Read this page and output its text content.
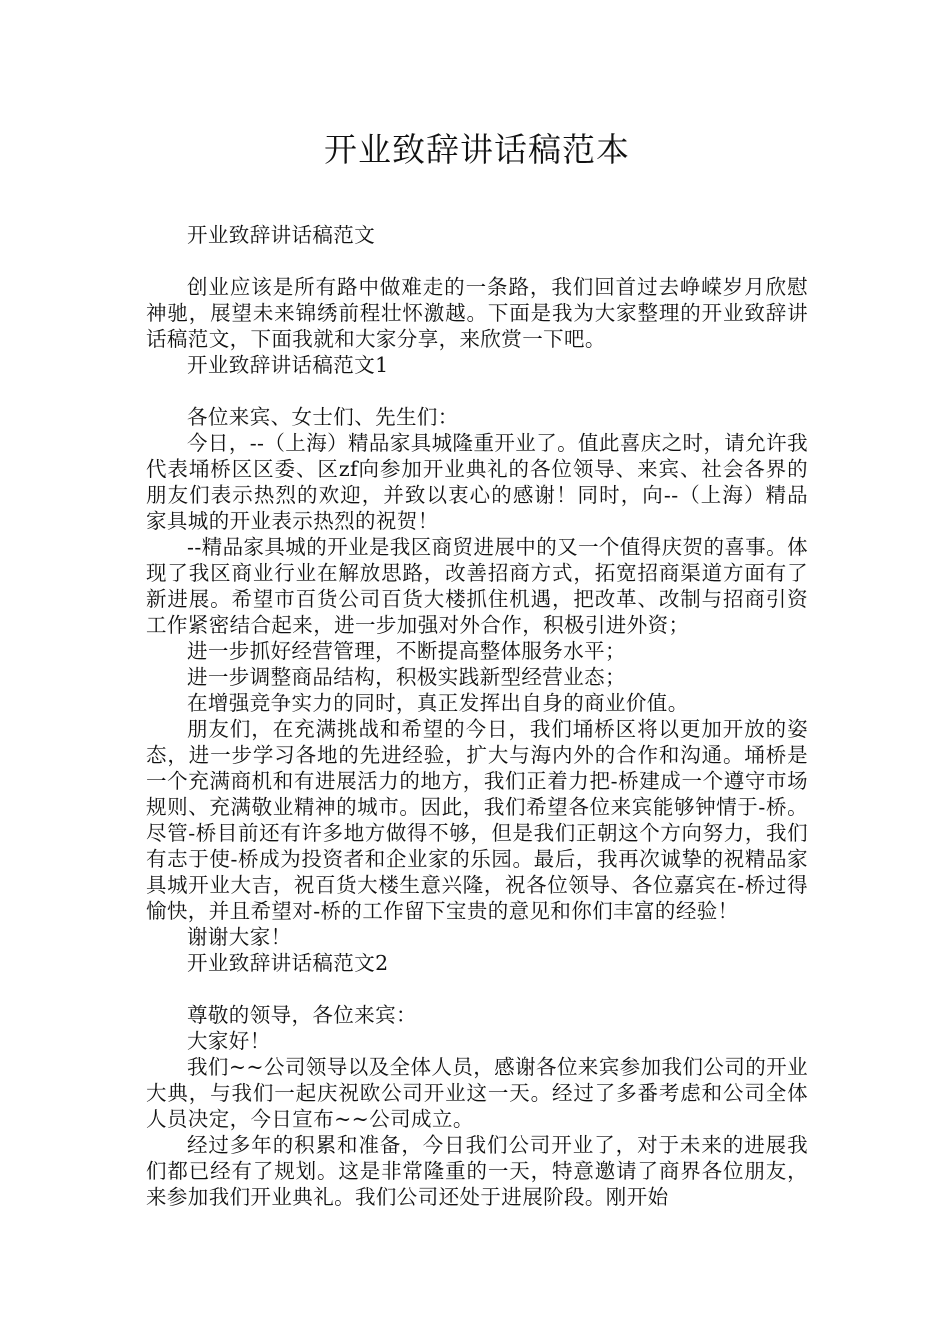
开业致辞讲话稿范本

开业致辞讲话稿范文

创业应该是所有路中做难走的一条路，我们回首过去峥嵘岁月欣慰神驰，展望未来锦绣前程壮怀激越。下面是我为大家整理的开业致辞讲话稿范文，下面我就和大家分享，来欣赏一下吧。

开业致辞讲话稿范文1

各位来宾、女士们、先生们：

今日，--（上海）精品家具城隆重开业了。值此喜庆之时，请允许我代表埇桥区区委、区zf向参加开业典礼的各位领导、来宾、社会各界的朋友们表示热烈的欢迎，并致以衷心的感谢！同时，向--（上海）精品家具城的开业表示热烈的祝贺！

--精品家具城的开业是我区商贸进展中的又一个值得庆贺的喜事。体现了我区商业行业在解放思路，改善招商方式，拓宽招商渠道方面有了新进展。希望市百货公司百货大楼抓住机遇，把改革、改制与招商引资工作紧密结合起来，进一步加强对外合作，积极引进外资；

进一步抓好经营管理，不断提高整体服务水平；

进一步调整商品结构，积极实践新型经营业态；

在增强竞争实力的同时，真正发挥出自身的商业价值。

朋友们，在充满挑战和希望的今日，我们埇桥区将以更加开放的姿态，进一步学习各地的先进经验，扩大与海内外的合作和沟通。埇桥是一个充满商机和有进展活力的地方，我们正着力把-桥建成一个遵守市场规则、充满敬业精神的城市。因此，我们希望各位来宾能够钟情于-桥。尽管-桥目前还有许多地方做得不够，但是我们正朝这个方向努力，我们有志于使-桥成为投资者和企业家的乐园。最后，我再次诚挚的祝精品家具城开业大吉，祝百货大楼生意兴隆，祝各位领导、各位嘉宾在-桥过得愉快，并且希望对-桥的工作留下宝贵的意见和你们丰富的经验！

谢谢大家！

开业致辞讲话稿范文2

尊敬的领导，各位来宾：

大家好！

我们~~公司领导以及全体人员，感谢各位来宾参加我们公司的开业大典，与我们一起庆祝欧公司开业这一天。经过了多番考虑和公司全体人员决定，今日宣布~~公司成立。

经过多年的积累和准备，今日我们公司开业了，对于未来的进展我们都已经有了规划。这是非常隆重的一天，特意邀请了商界各位朋友，来参加我们开业典礼。我们公司还处于进展阶段。刚开始
